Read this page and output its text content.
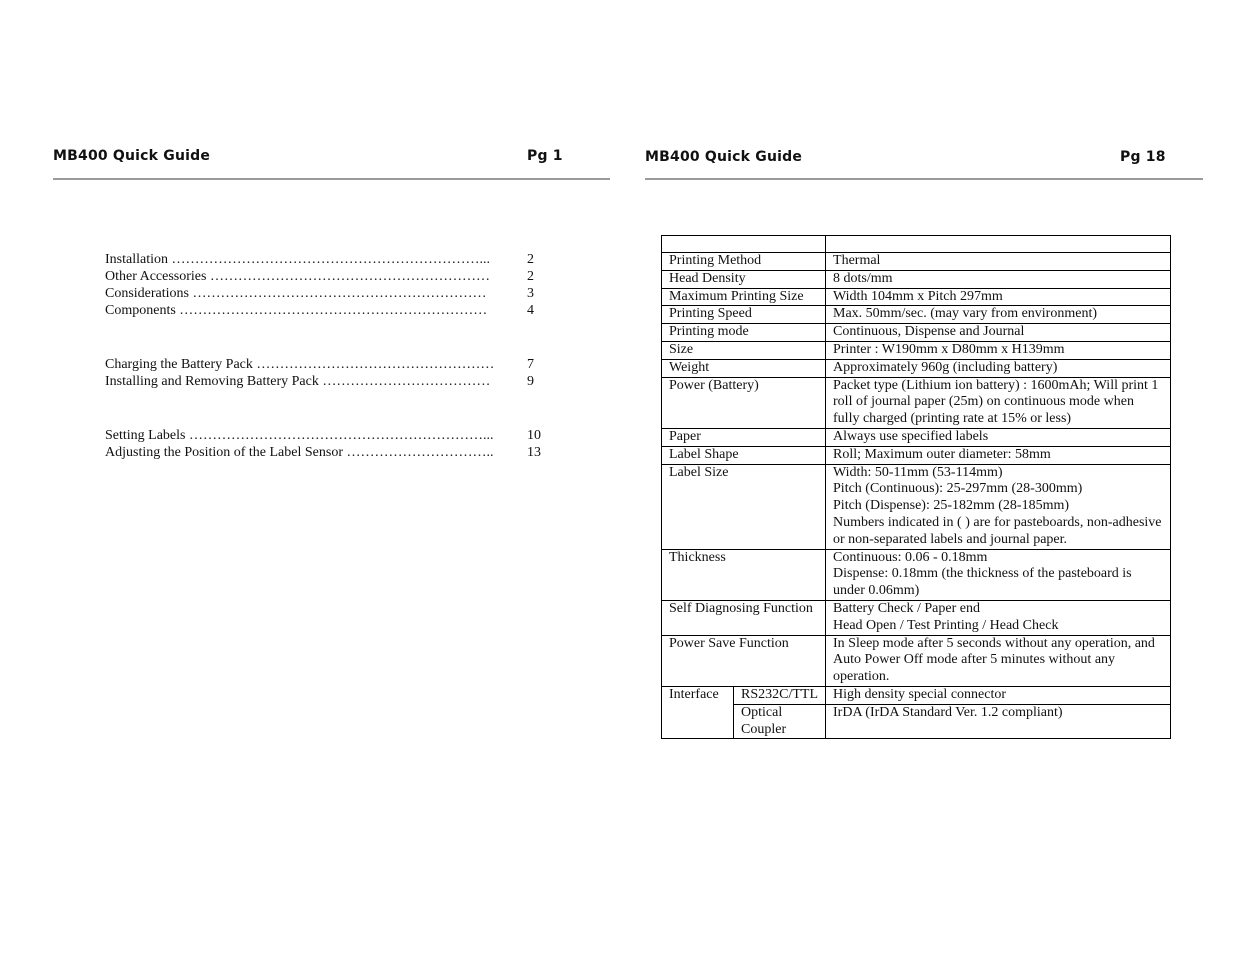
MB400 Quick Guide	Pg 1	MB400 Quick Guide	Pg 18
Installation …………………………………………………………...	2
Other Accessories ……………………………………………………	2
Considerations ………………………………………………………	3
Components …………………………………………………………	4
Charging the Battery Pack ……………………………………………	7
Installing and Removing Battery Pack ………………………………	9
Setting Labels ………………………………………………………...	10
Adjusting the Position of the Label Sensor …………………………..	13

Printing Method		Thermal
Head Density		8 dots/mm
Maximum Printing Size		Width 104mm x Pitch 297mm
Printing Speed		Max. 50mm/sec. (may vary from environment)
Printing mode		Continuous, Dispense and Journal
Size		Printer : W190mm x D80mm x H139mm
Weight		Approximately 960g (including battery)
Power (Battery)		Packet type (Lithium ion battery) : 1600mAh; Will print 1 roll of journal paper (25m) on continuous mode when fully charged (printing rate at 15% or less)
Paper		Always use specified labels
Label Shape		Roll; Maximum outer diameter: 58mm
Label Size		Width: 50-11mm (53-114mm)
Pitch (Continuous): 25-297mm (28-300mm)
Pitch (Dispense): 25-182mm (28-185mm)
Numbers indicated in ( ) are for pasteboards, non-adhesive or non-separated labels and journal paper.
Thickness		Continuous: 0.06 - 0.18mm
Dispense: 0.18mm (the thickness of the pasteboard is under 0.06mm)
Self Diagnosing Function		Battery Check / Paper end
Head Open / Test Printing / Head Check
Power Save Function		In Sleep mode after 5 seconds without any operation, and Auto Power Off mode after 5 minutes without any operation.
Interface	RS232C/TTL	High density special connector
	Optical Coupler	IrDA (IrDA Standard Ver. 1.2 compliant)
